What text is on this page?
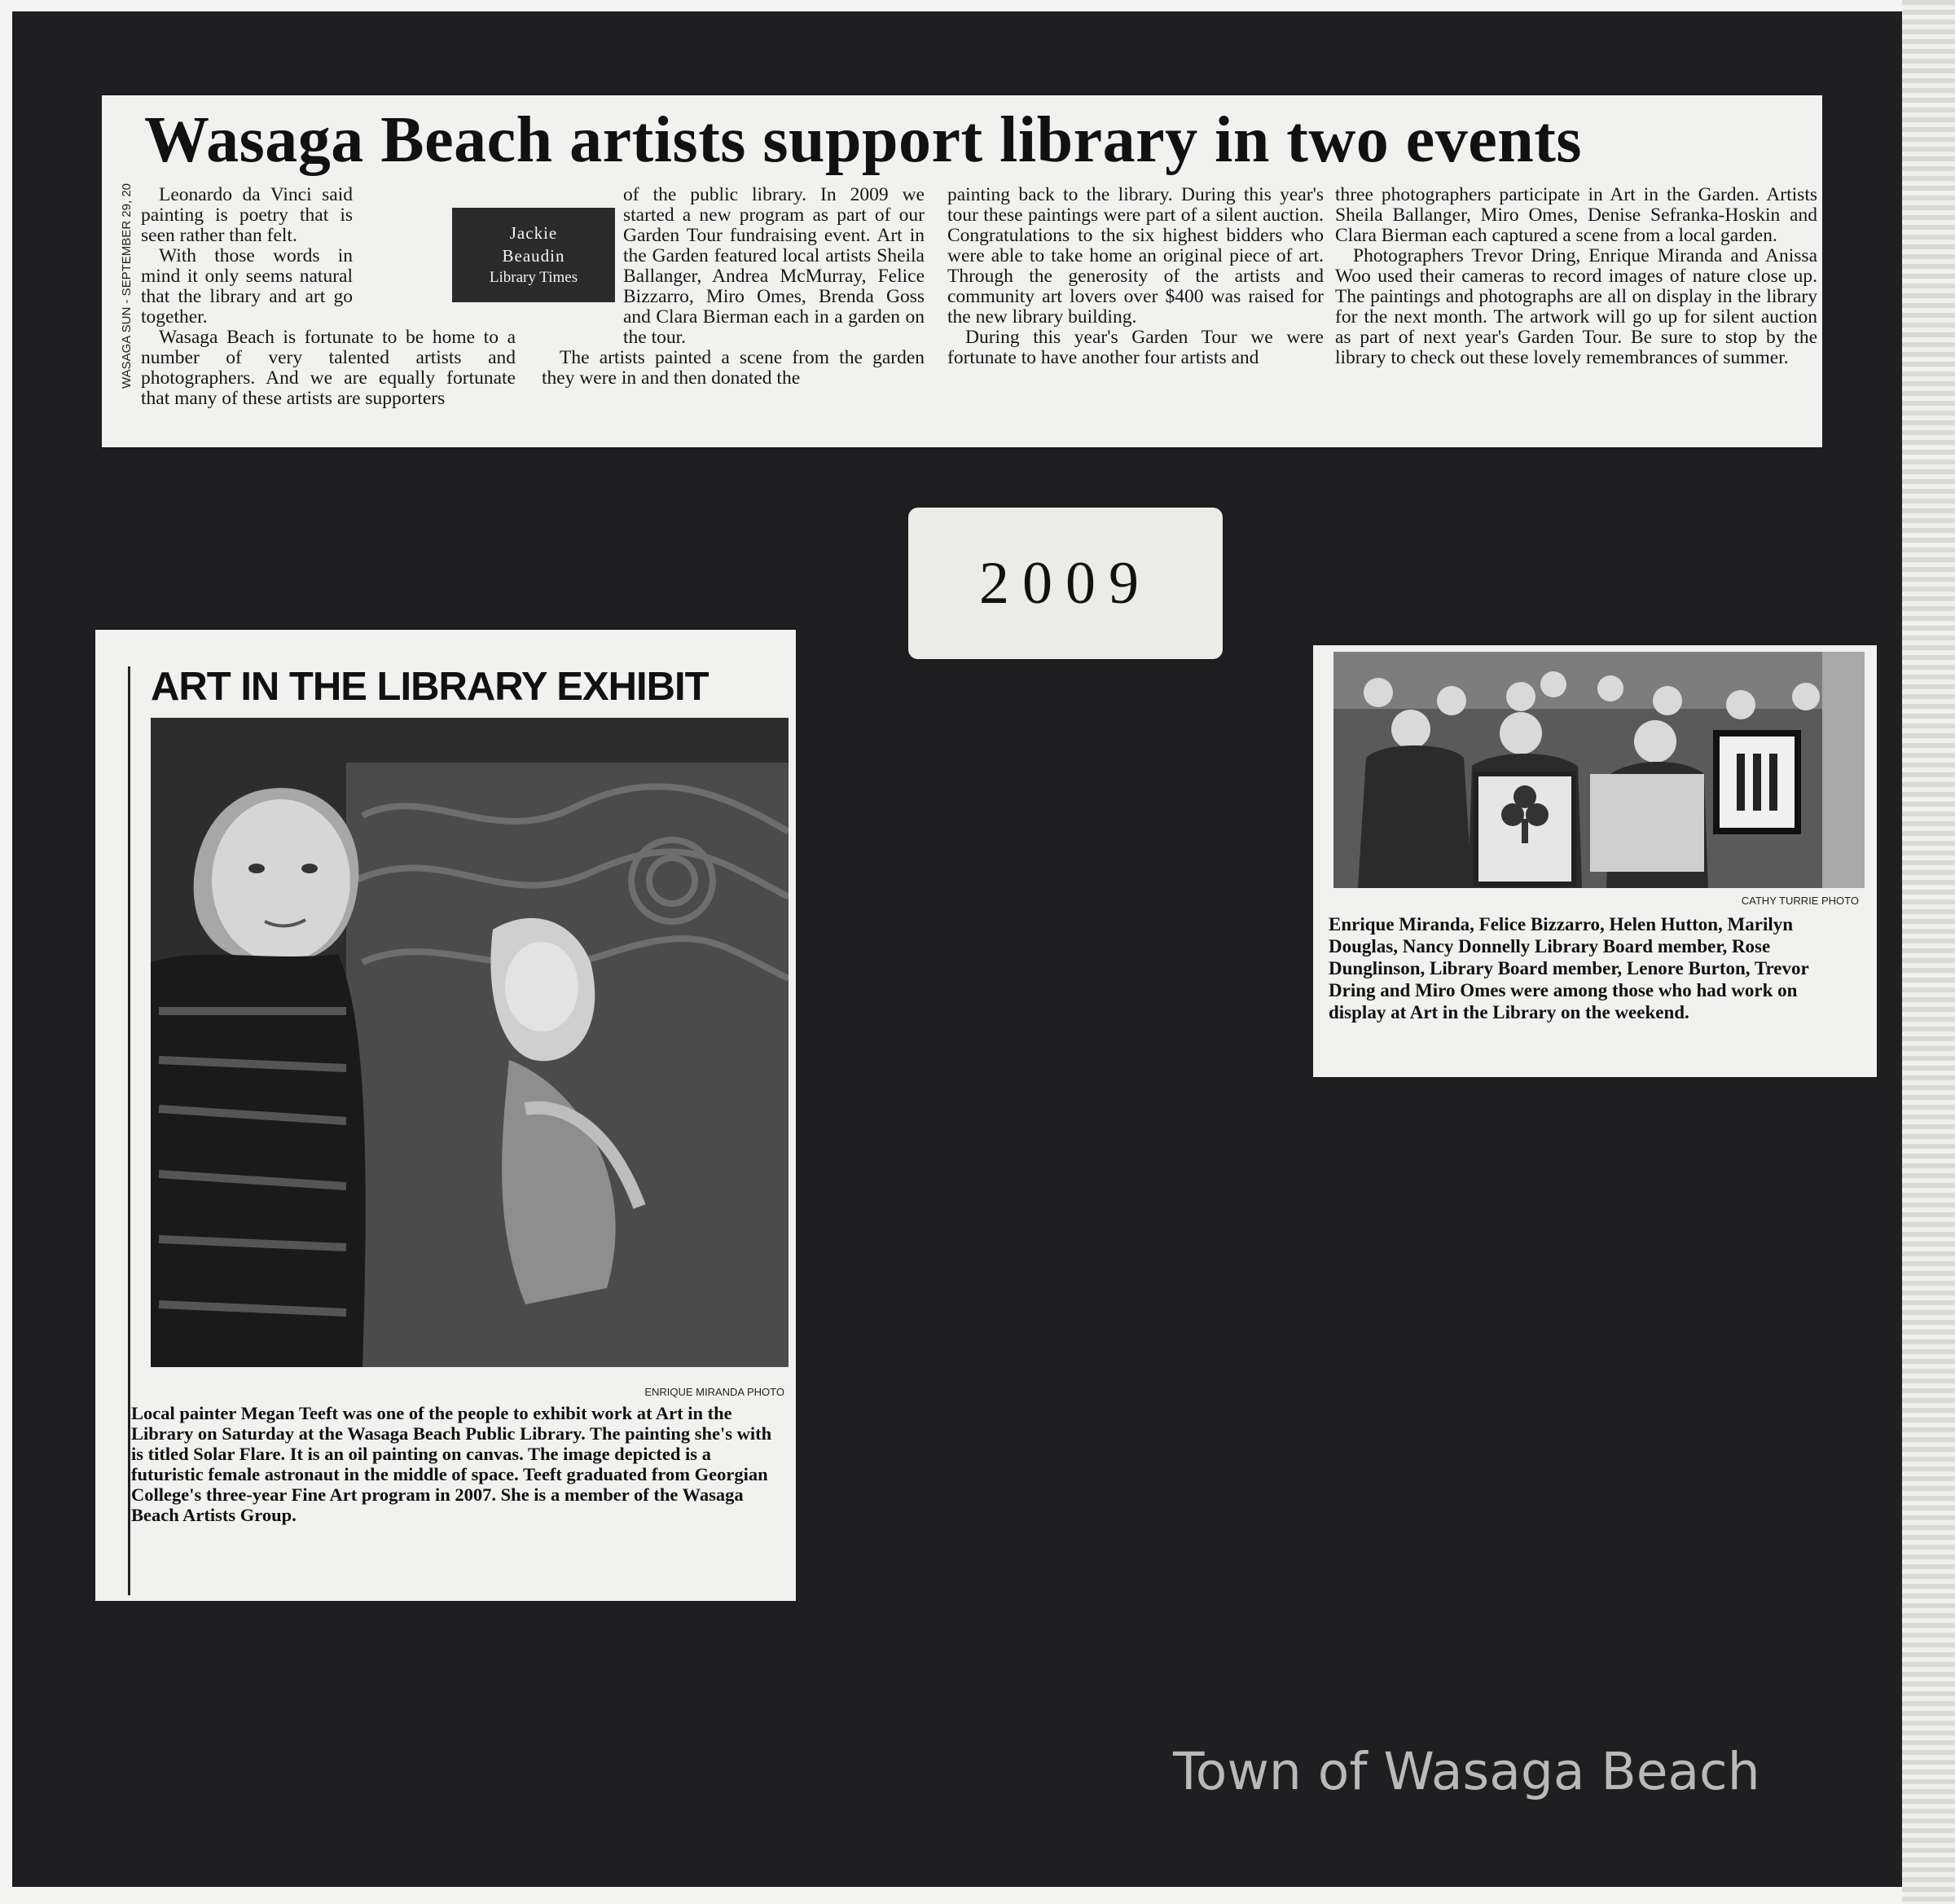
WASAGA SUN - SEPTEMBER 29, 20
Wasaga Beach artists support library in two events
Jackie
Beaudin
Library Times

Leonardo da Vinci said painting is poetry that is seen rather than felt.

With those words in mind it only seems natural that the library and art go together.

Wasaga Beach is fortunate to be home to a number of very talented artists and photographers. And we are equally fortunate that many of these artists are supporters

of the public library. In 2009 we started a new program as part of our Garden Tour fundraising event. Art in the Garden featured local artists Sheila Ballanger, Andrea McMurray, Felice Bizzarro, Miro Omes, Brenda Goss and Clara Bierman each in a garden on the tour.

The artists painted a scene from the garden they were in and then donated the

painting back to the library. During this year's tour these paintings were part of a silent auction. Congratulations to the six highest bidders who were able to take home an original piece of art. Through the generosity of the artists and community art lovers over $400 was raised for the new library building.

During this year's Garden Tour we were fortunate to have another four artists and

three photographers participate in Art in the Garden. Artists Sheila Ballanger, Miro Omes, Denise Sefranka-Hoskin and Clara Bierman each captured a scene from a local garden.

Photographers Trevor Dring, Enrique Miranda and Anissa Woo used their cameras to record images of nature close up. The paintings and photographs are all on display in the library for the next month. The artwork will go up for silent auction as part of next year's Garden Tour. Be sure to stop by the library to check out these lovely remembrances of summer.

2009
ART IN THE LIBRARY EXHIBIT
ENRIQUE MIRANDA PHOTO
Local painter Megan Teeft was one of the people to exhibit work at Art in the Library on Saturday at the Wasaga Beach Public Library. The painting she's with is titled Solar Flare. It is an oil painting on canvas. The image depicted is a futuristic female astronaut in the middle of space. Teeft graduated from Georgian College's three-year Fine Art program in 2007. She is a member of the Wasaga Beach Artists Group.
CATHY TURRIE PHOTO
Enrique Miranda, Felice Bizzarro, Helen Hutton, Marilyn Douglas, Nancy Donnelly Library Board member, Rose Dunglinson, Library Board member, Lenore Burton, Trevor Dring and Miro Omes were among those who had work on display at Art in the Library on the weekend.
Town of Wasaga Beach
